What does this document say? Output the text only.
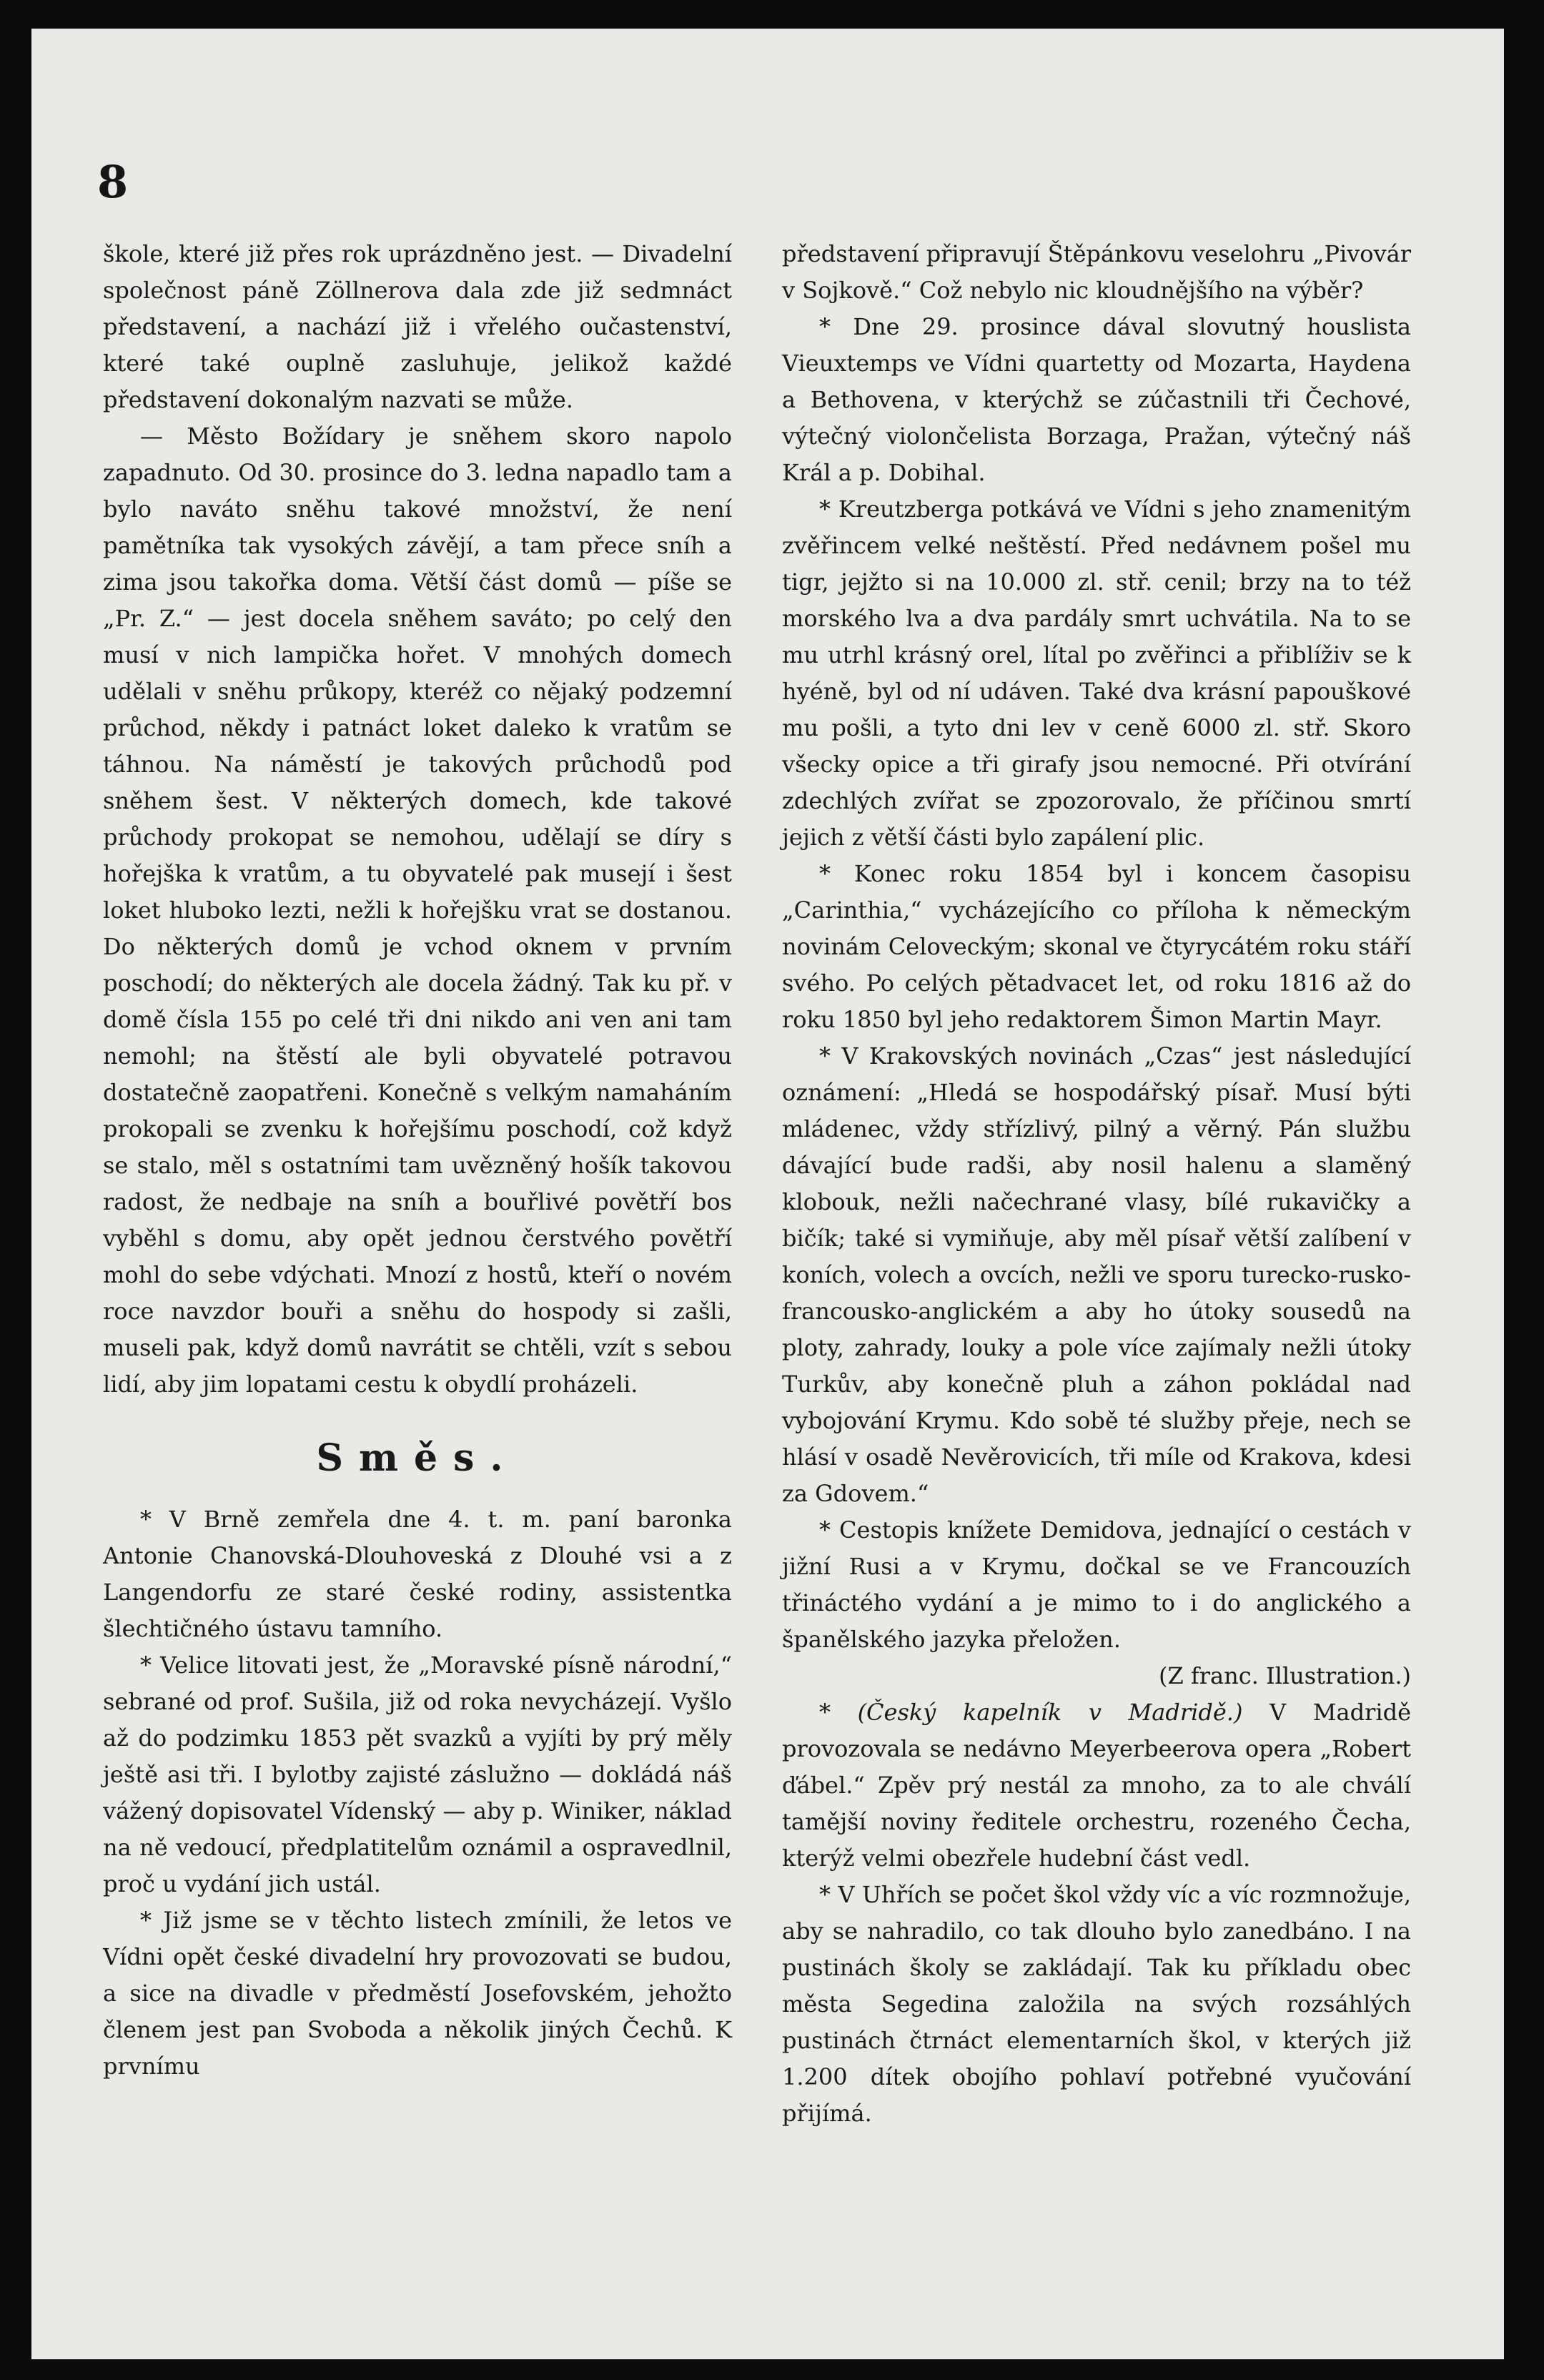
8

škole, které již přes rok uprázdněno jest. — Divadelní společnost páně Zöllnerova dala zde již sedmnáct představení, a nachází již i vřelého oučastenství, které také ouplně zasluhuje, jelikož každé představení dokonalým nazvati se může.

— Město Božídary je sněhem skoro napolo zapadnuto. Od 30. prosince do 3. ledna napadlo tam a bylo naváto sněhu takové množství, že není pamětníka tak vysokých závějí, a tam přece sníh a zima jsou takořka doma. Větší část domů — píše se „Pr. Z.“ — jest docela sněhem saváto; po celý den musí v nich lampička hořet. V mnohých domech udělali v sněhu průkopy, kteréž co nějaký podzemní průchod, někdy i patnáct loket daleko k vratům se táhnou. Na náměstí je takových průchodů pod sněhem šest. V některých domech, kde takové průchody prokopat se nemohou, udělají se díry s hořejška k vratům, a tu obyvatelé pak musejí i šest loket hluboko lezti, nežli k hořejšku vrat se dostanou. Do některých domů je vchod oknem v prvním poschodí; do některých ale docela žádný. Tak ku př. v domě čísla 155 po celé tři dni nikdo ani ven ani tam nemohl; na štěstí ale byli obyvatelé potravou dostatečně zaopatřeni. Konečně s velkým namaháním prokopali se zvenku k hořejšímu poschodí, což když se stalo, měl s ostatními tam uvězněný hošík takovou radost, že nedbaje na sníh a bouřlivé povětří bos vyběhl s domu, aby opět jednou čerstvého povětří mohl do sebe vdýchati. Mnozí z hostů, kteří o novém roce navzdor bouři a sněhu do hospody si zašli, museli pak, když domů navrátit se chtěli, vzít s sebou lidí, aby jim lopatami cestu k obydlí proházeli.

Směs.

* V Brně zemřela dne 4. t. m. paní baronka Antonie Chanovská-Dlouhoveská z Dlouhé vsi a z Langendorfu ze staré české rodiny, assistentka šlechtičného ústavu tamního.

* Velice litovati jest, že „Moravské písně národní,“ sebrané od prof. Sušila, již od roka nevycházejí. Vyšlo až do podzimku 1853 pět svazků a vyjíti by prý měly ještě asi tři. I bylotby zajisté záslužno — dokládá náš vážený dopisovatel Vídenský — aby p. Winiker, náklad na ně vedoucí, předplatitelům oznámil a ospravedlnil, proč u vydání jich ustál.

* Již jsme se v těchto listech zmínili, že letos ve Vídni opět české divadelní hry provozovati se budou, a sice na divadle v předměstí Josefovském, jehožto členem jest pan Svoboda a několik jiných Čechů. K prvnímu

představení připravují Štěpánkovu veselohru „Pivovár v Sojkově.“ Což nebylo nic kloudnějšího na výběr?

* Dne 29. prosince dával slovutný houslista Vieuxtemps ve Vídni quartetty od Mozarta, Haydena a Bethovena, v kterýchž se zúčastnili tři Čechové, výtečný violončelista Borzaga, Pražan, výtečný náš Král a p. Dobihal.

* Kreutzberga potkává ve Vídni s jeho znamenitým zvěřincem velké neštěstí. Před nedávnem pošel mu tigr, jejžto si na 10.000 zl. stř. cenil; brzy na to též morského lva a dva pardály smrt uchvátila. Na to se mu utrhl krásný orel, lítal po zvěřinci a přiblíživ se k hyéně, byl od ní udáven. Také dva krásní papouškové mu pošli, a tyto dni lev v ceně 6000 zl. stř. Skoro všecky opice a tři girafy jsou nemocné. Při otvírání zdechlých zvířat se zpozorovalo, že příčinou smrtí jejich z větší části bylo zapálení plic.

* Konec roku 1854 byl i koncem časopisu „Carinthia,“ vycházejícího co příloha k německým novinám Celoveckým; skonal ve čtyrycátém roku stáří svého. Po celých pětadvacet let, od roku 1816 až do roku 1850 byl jeho redaktorem Šimon Martin Mayr.

* V Krakovských novinách „Czas“ jest následující oznámení: „Hledá se hospodářský písař. Musí býti mládenec, vždy střízlivý, pilný a věrný. Pán službu dávající bude radši, aby nosil halenu a slaměný klobouk, nežli načechrané vlasy, bílé rukavičky a bičík; také si vymiňuje, aby měl písař větší zalíbení v koních, volech a ovcích, nežli ve sporu turecko-rusko-francousko-anglickém a aby ho útoky sousedů na ploty, zahrady, louky a pole více zajímaly nežli útoky Turkův, aby konečně pluh a záhon pokládal nad vybojování Krymu. Kdo sobě té služby přeje, nech se hlásí v osadě Nevěrovicích, tři míle od Krakova, kdesi za Gdovem.“

* Cestopis knížete Demidova, jednající o cestách v jižní Rusi a v Krymu, dočkal se ve Francouzích třináctého vydání a je mimo to i do anglického a španělského jazyka přeložen.

(Z franc. Illustration.)

* (Český kapelník v Madridě.) V Madridě provozovala se nedávno Meyerbeerova opera „Robert ďábel.“ Zpěv prý nestál za mnoho, za to ale chválí tamější noviny ředitele orchestru, rozeného Čecha, kterýž velmi obezřele hudební část vedl.

* V Uhřích se počet škol vždy víc a víc rozmnožuje, aby se nahradilo, co tak dlouho bylo zanedbáno. I na pustinách školy se zakládají. Tak ku příkladu obec města Segedina založila na svých rozsáhlých pustinách čtrnáct elementarních škol, v kterých již 1.200 dítek obojího pohlaví potřebné vyučování přijímá.
